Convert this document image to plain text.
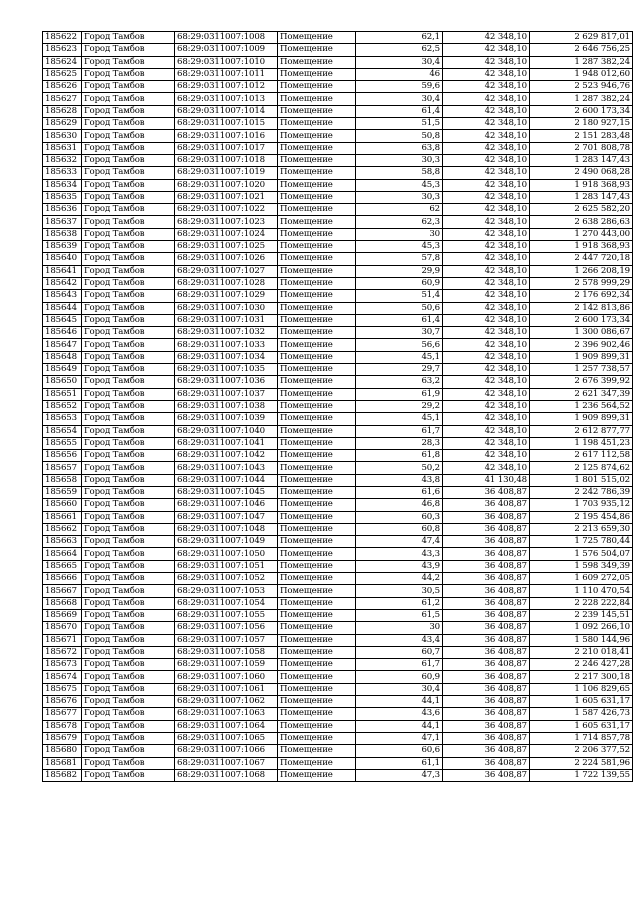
185622	Город Тамбов	68:29:0311007:1008	Помещение	62,1	42 348,10	2 629 817,01
185623	Город Тамбов	68:29:0311007:1009	Помещение	62,5	42 348,10	2 646 756,25
185624	Город Тамбов	68:29:0311007:1010	Помещение	30,4	42 348,10	1 287 382,24
185625	Город Тамбов	68:29:0311007:1011	Помещение	46	42 348,10	1 948 012,60
185626	Город Тамбов	68:29:0311007:1012	Помещение	59,6	42 348,10	2 523 946,76
185627	Город Тамбов	68:29:0311007:1013	Помещение	30,4	42 348,10	1 287 382,24
185628	Город Тамбов	68:29:0311007:1014	Помещение	61,4	42 348,10	2 600 173,34
185629	Город Тамбов	68:29:0311007:1015	Помещение	51,5	42 348,10	2 180 927,15
185630	Город Тамбов	68:29:0311007:1016	Помещение	50,8	42 348,10	2 151 283,48
185631	Город Тамбов	68:29:0311007:1017	Помещение	63,8	42 348,10	2 701 808,78
185632	Город Тамбов	68:29:0311007:1018	Помещение	30,3	42 348,10	1 283 147,43
185633	Город Тамбов	68:29:0311007:1019	Помещение	58,8	42 348,10	2 490 068,28
185634	Город Тамбов	68:29:0311007:1020	Помещение	45,3	42 348,10	1 918 368,93
185635	Город Тамбов	68:29:0311007:1021	Помещение	30,3	42 348,10	1 283 147,43
185636	Город Тамбов	68:29:0311007:1022	Помещение	62	42 348,10	2 625 582,20
185637	Город Тамбов	68:29:0311007:1023	Помещение	62,3	42 348,10	2 638 286,63
185638	Город Тамбов	68:29:0311007:1024	Помещение	30	42 348,10	1 270 443,00
185639	Город Тамбов	68:29:0311007:1025	Помещение	45,3	42 348,10	1 918 368,93
185640	Город Тамбов	68:29:0311007:1026	Помещение	57,8	42 348,10	2 447 720,18
185641	Город Тамбов	68:29:0311007:1027	Помещение	29,9	42 348,10	1 266 208,19
185642	Город Тамбов	68:29:0311007:1028	Помещение	60,9	42 348,10	2 578 999,29
185643	Город Тамбов	68:29:0311007:1029	Помещение	51,4	42 348,10	2 176 692,34
185644	Город Тамбов	68:29:0311007:1030	Помещение	50,6	42 348,10	2 142 813,86
185645	Город Тамбов	68:29:0311007:1031	Помещение	61,4	42 348,10	2 600 173,34
185646	Город Тамбов	68:29:0311007:1032	Помещение	30,7	42 348,10	1 300 086,67
185647	Город Тамбов	68:29:0311007:1033	Помещение	56,6	42 348,10	2 396 902,46
185648	Город Тамбов	68:29:0311007:1034	Помещение	45,1	42 348,10	1 909 899,31
185649	Город Тамбов	68:29:0311007:1035	Помещение	29,7	42 348,10	1 257 738,57
185650	Город Тамбов	68:29:0311007:1036	Помещение	63,2	42 348,10	2 676 399,92
185651	Город Тамбов	68:29:0311007:1037	Помещение	61,9	42 348,10	2 621 347,39
185652	Город Тамбов	68:29:0311007:1038	Помещение	29,2	42 348,10	1 236 564,52
185653	Город Тамбов	68:29:0311007:1039	Помещение	45,1	42 348,10	1 909 899,31
185654	Город Тамбов	68:29:0311007:1040	Помещение	61,7	42 348,10	2 612 877,77
185655	Город Тамбов	68:29:0311007:1041	Помещение	28,3	42 348,10	1 198 451,23
185656	Город Тамбов	68:29:0311007:1042	Помещение	61,8	42 348,10	2 617 112,58
185657	Город Тамбов	68:29:0311007:1043	Помещение	50,2	42 348,10	2 125 874,62
185658	Город Тамбов	68:29:0311007:1044	Помещение	43,8	41 130,48	1 801 515,02
185659	Город Тамбов	68:29:0311007:1045	Помещение	61,6	36 408,87	2 242 786,39
185660	Город Тамбов	68:29:0311007:1046	Помещение	46,8	36 408,87	1 703 935,12
185661	Город Тамбов	68:29:0311007:1047	Помещение	60,3	36 408,87	2 195 454,86
185662	Город Тамбов	68:29:0311007:1048	Помещение	60,8	36 408,87	2 213 659,30
185663	Город Тамбов	68:29:0311007:1049	Помещение	47,4	36 408,87	1 725 780,44
185664	Город Тамбов	68:29:0311007:1050	Помещение	43,3	36 408,87	1 576 504,07
185665	Город Тамбов	68:29:0311007:1051	Помещение	43,9	36 408,87	1 598 349,39
185666	Город Тамбов	68:29:0311007:1052	Помещение	44,2	36 408,87	1 609 272,05
185667	Город Тамбов	68:29:0311007:1053	Помещение	30,5	36 408,87	1 110 470,54
185668	Город Тамбов	68:29:0311007:1054	Помещение	61,2	36 408,87	2 228 222,84
185669	Город Тамбов	68:29:0311007:1055	Помещение	61,5	36 408,87	2 239 145,51
185670	Город Тамбов	68:29:0311007:1056	Помещение	30	36 408,87	1 092 266,10
185671	Город Тамбов	68:29:0311007:1057	Помещение	43,4	36 408,87	1 580 144,96
185672	Город Тамбов	68:29:0311007:1058	Помещение	60,7	36 408,87	2 210 018,41
185673	Город Тамбов	68:29:0311007:1059	Помещение	61,7	36 408,87	2 246 427,28
185674	Город Тамбов	68:29:0311007:1060	Помещение	60,9	36 408,87	2 217 300,18
185675	Город Тамбов	68:29:0311007:1061	Помещение	30,4	36 408,87	1 106 829,65
185676	Город Тамбов	68:29:0311007:1062	Помещение	44,1	36 408,87	1 605 631,17
185677	Город Тамбов	68:29:0311007:1063	Помещение	43,6	36 408,87	1 587 426,73
185678	Город Тамбов	68:29:0311007:1064	Помещение	44,1	36 408,87	1 605 631,17
185679	Город Тамбов	68:29:0311007:1065	Помещение	47,1	36 408,87	1 714 857,78
185680	Город Тамбов	68:29:0311007:1066	Помещение	60,6	36 408,87	2 206 377,52
185681	Город Тамбов	68:29:0311007:1067	Помещение	61,1	36 408,87	2 224 581,96
185682	Город Тамбов	68:29:0311007:1068	Помещение	47,3	36 408,87	1 722 139,55
